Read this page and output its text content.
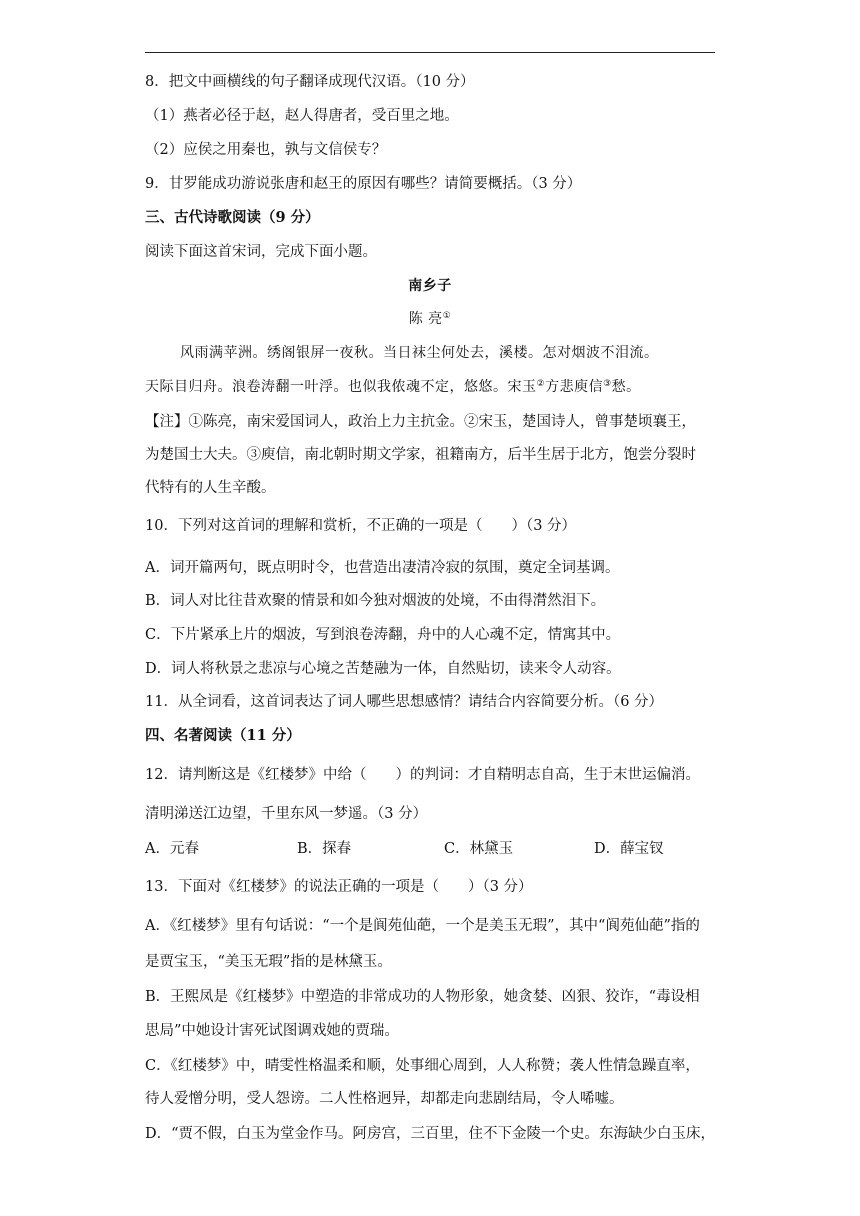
8．把文中画横线的句子翻译成现代汉语。（10 分）
（1）燕者必径于赵，赵人得唐者，受百里之地。
（2）应侯之用秦也，孰与文信侯专？
9．甘罗能成功游说张唐和赵王的原因有哪些？请简要概括。（3 分）
三、古代诗歌阅读（9 分）
阅读下面这首宋词，完成下面小题。
南乡子
陈 亮①
风雨满苹洲。绣阁银屏一夜秋。当日袜尘何处去，溪楼。怎对烟波不泪流。
天际目归舟。浪卷涛翻一叶浮。也似我侬魂不定，悠悠。宋玉②方悲庾信③愁。
【注】①陈亮，南宋爱国词人，政治上力主抗金。②宋玉，楚国诗人，曾事楚顷襄王，
为楚国士大夫。③庾信，南北朝时期文学家，祖籍南方，后半生居于北方，饱尝分裂时
代特有的人生辛酸。
10．下列对这首词的理解和赏析，不正确的一项是（　　）（3 分）
A．词开篇两句，既点明时令，也营造出凄清冷寂的氛围，奠定全词基调。
B．词人对比往昔欢聚的情景和如今独对烟波的处境，不由得潸然泪下。
C．下片紧承上片的烟波，写到浪卷涛翻，舟中的人心魂不定，情寓其中。
D．词人将秋景之悲凉与心境之苦楚融为一体，自然贴切，读来令人动容。
11．从全词看，这首词表达了词人哪些思想感情？请结合内容简要分析。（6 分）
四、名著阅读（11 分）
12．请判断这是《红楼梦》中给（　　）的判词：才自精明志自高，生于末世运偏消。
清明涕送江边望，千里东风一梦遥。（3 分）
A．元春	B．探春	C．林黛玉	D．薛宝钗
13．下面对《红楼梦》的说法正确的一项是（　　）（3 分）
A．《红楼梦》里有句话说：“一个是阆苑仙葩，一个是美玉无瑕”，其中“阆苑仙葩”指的
是贾宝玉，“美玉无瑕”指的是林黛玉。
B．王熙凤是《红楼梦》中塑造的非常成功的人物形象，她贪婪、凶狠、狡诈，“毒设相
思局”中她设计害死试图调戏她的贾瑞。
C．《红楼梦》中，晴雯性格温柔和顺，处事细心周到，人人称赞；袭人性情急躁直率，
待人爱憎分明，受人怨谤。二人性格迥异，却都走向悲剧结局，令人唏嘘。
D．“贾不假，白玉为堂金作马。阿房宫，三百里，住不下金陵一个史。东海缺少白玉床，
